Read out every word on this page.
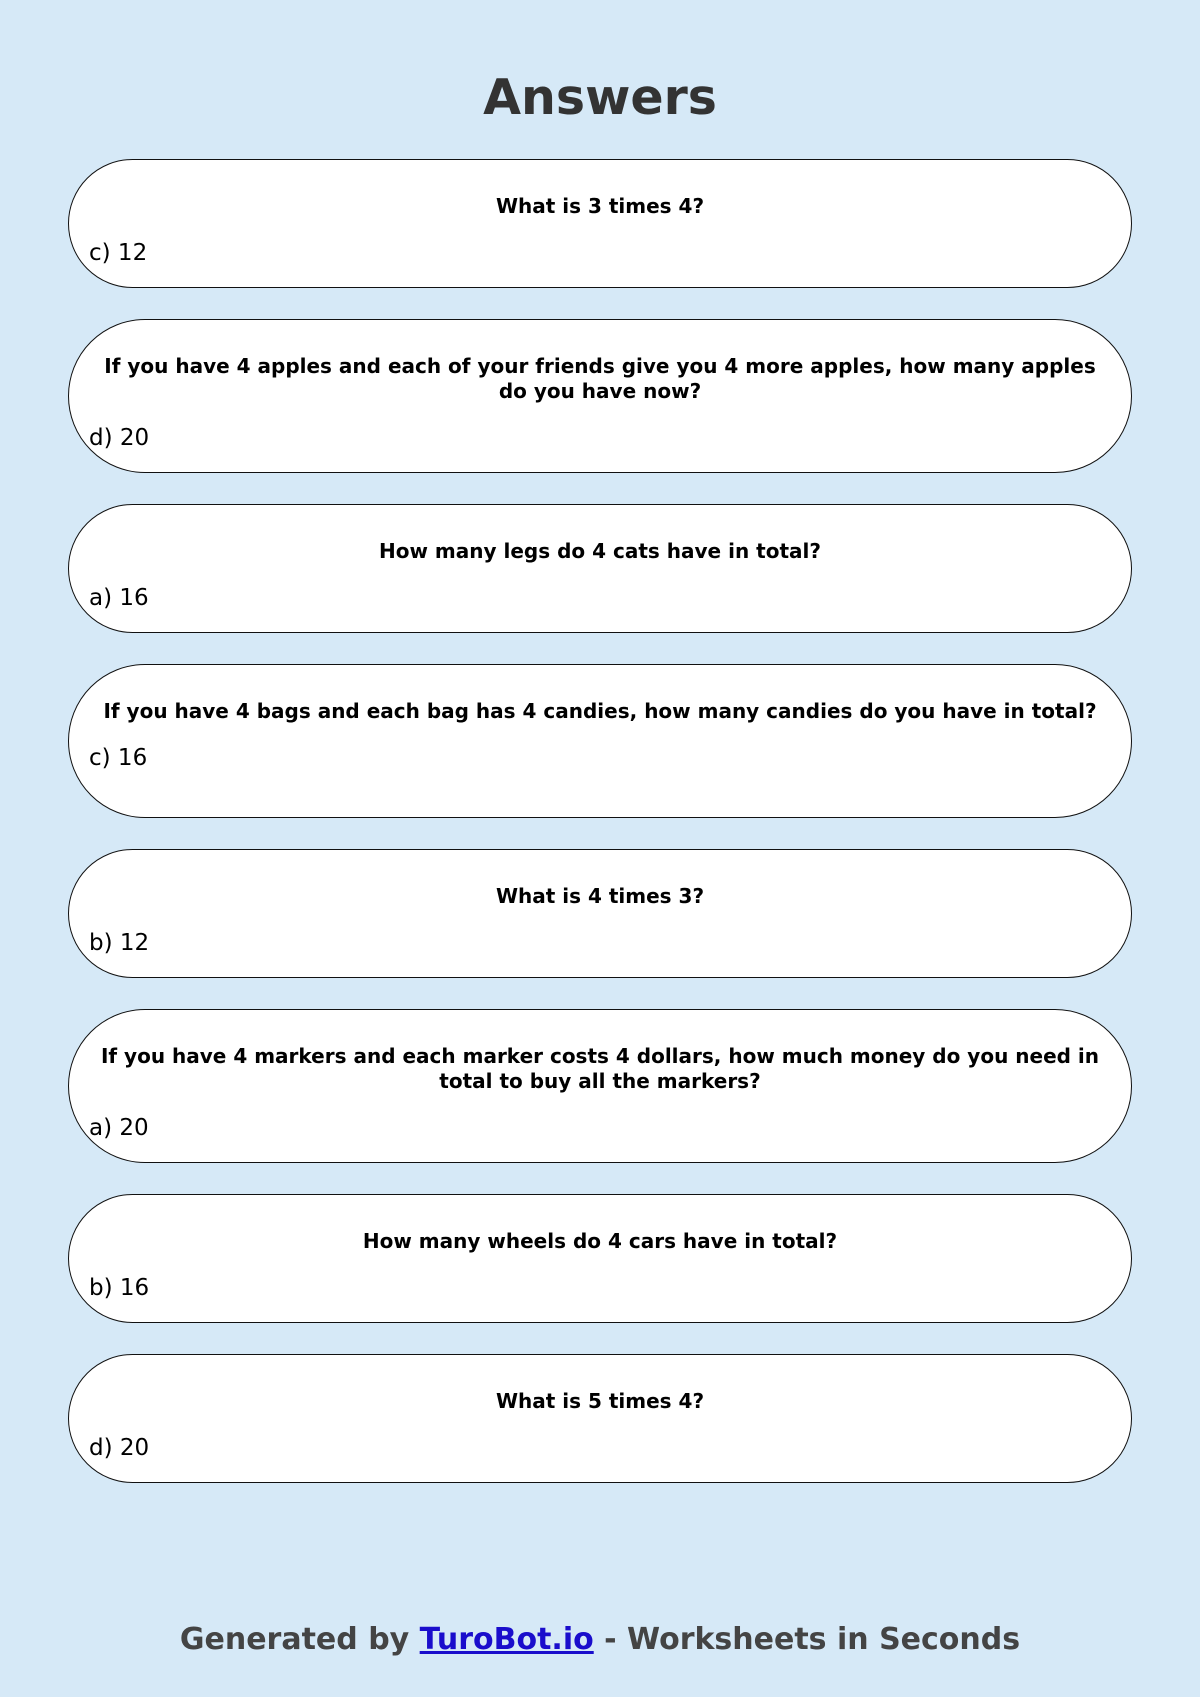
Answers
What is 3 times 4?
c) 12
If you have 4 apples and each of your friends give you 4 more apples, how many apples do you have now?
d) 20
How many legs do 4 cats have in total?
a) 16
If you have 4 bags and each bag has 4 candies, how many candies do you have in total?
c) 16
What is 4 times 3?
b) 12
If you have 4 markers and each marker costs 4 dollars, how much money do you need in total to buy all the markers?
a) 20
How many wheels do 4 cars have in total?
b) 16
What is 5 times 4?
d) 20
Generated by TuroBot.io - Worksheets in Seconds
